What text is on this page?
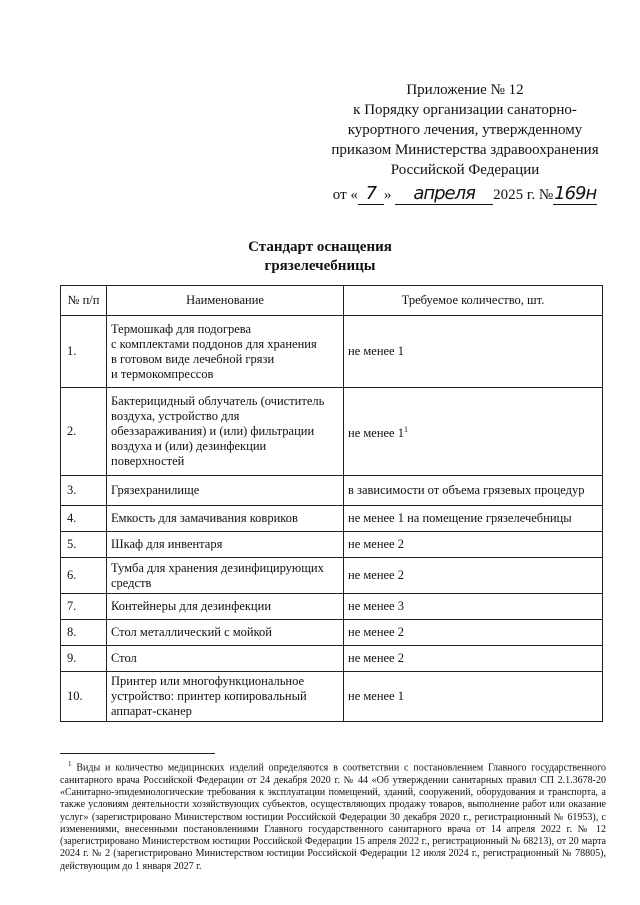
Приложение № 12
к Порядку организации санаторно-
курортного лечения, утвержденному
приказом Министерства здравоохранения
Российской Федерации
от « 7 » апреля 2025 г. №169н
Стандарт оснащения
грязелечебницы
№ п/п	Наименование	Требуемое количество, шт.
1.	Термошкаф для подогрева
с комплектами поддонов для хранения
в готовом виде лечебной грязи
и термокомпрессов	не менее 1
2.	Бактерицидный облучатель (очиститель
воздуха, устройство для
обеззараживания) и (или) фильтрации
воздуха и (или) дезинфекции
поверхностей	не менее $1^1$
3.	Грязехранилище	в зависимости от объема грязевых процедур
4.	Емкость для замачивания ковриков	не менее 1 на помещение грязелечебницы
5.	Шкаф для инвентаря	не менее 2
6.	Тумба для хранения дезинфицирующих
средств	не менее 2
7.	Контейнеры для дезинфекции	не менее 3
8.	Стол металлический с мойкой	не менее 2
9.	Стол	не менее 2
10.	Принтер или многофункциональное
устройство: принтер копировальный
аппарат-сканер	не менее 1
$^1$ Виды и количество медицинских изделий определяются в соответствии с постановлением Главного государственного санитарного врача Российской Федерации от 24 декабря 2020 г. № 44 «Об утверждении санитарных правил СП 2.1.3678-20 «Санитарно-эпидемиологические требования к эксплуатации помещений, зданий, сооружений, оборудования и транспорта, а также условиям деятельности хозяйствующих субъектов, осуществляющих продажу товаров, выполнение работ или оказание услуг» (зарегистрировано Министерством юстиции Российской Федерации 30 декабря 2020 г., регистрационный № 61953), с изменениями, внесенными постановлениями Главного государственного санитарного врача от 14 апреля 2022 г. № 12 (зарегистрировано Министерством юстиции Российской Федерации 15 апреля 2022 г., регистрационный № 68213), от 20 марта 2024 г. № 2 (зарегистрировано Министерством юстиции Российской Федерации 12 июля 2024 г., регистрационный № 78805), действующим до 1 января 2027 г.
